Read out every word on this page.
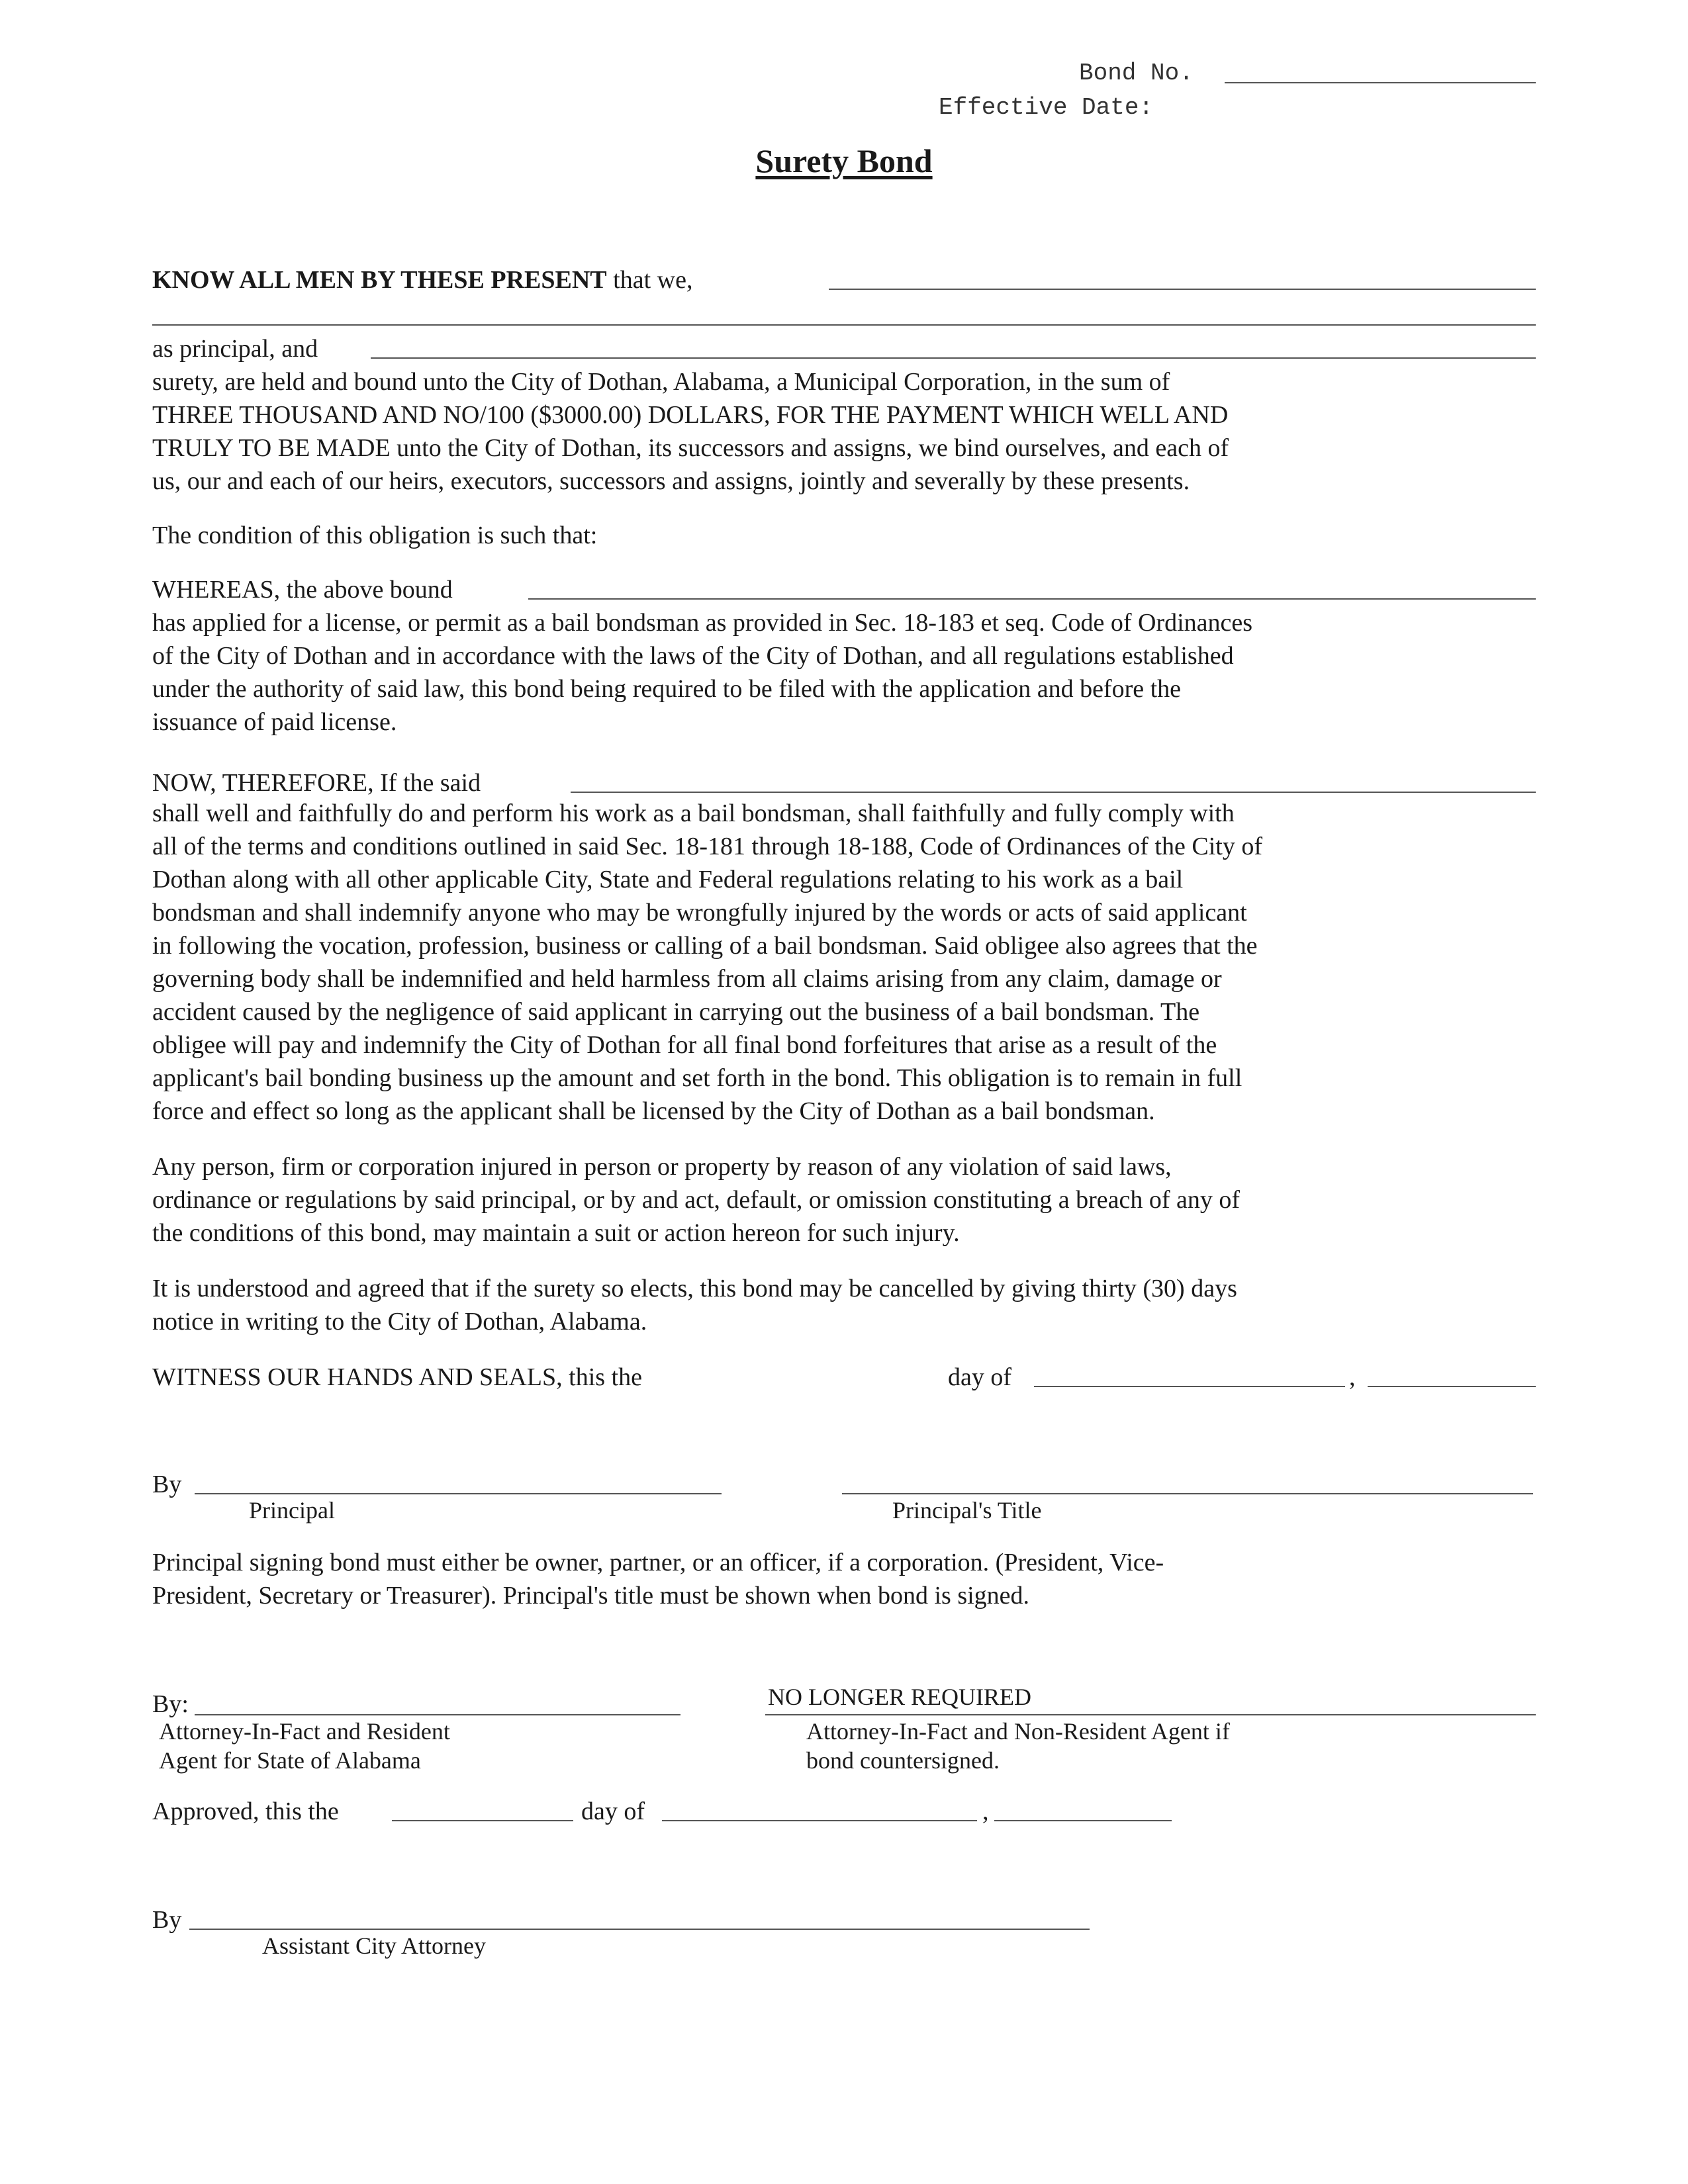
Bond No.
Effective Date:
Surety Bond
KNOW ALL MEN BY THESE PRESENT that we,
as principal, and
surety, are held and bound unto the City of Dothan, Alabama, a Municipal Corporation, in the sum of
THREE THOUSAND AND NO/100 ($3000.00) DOLLARS, FOR THE PAYMENT WHICH WELL AND
TRULY TO BE MADE unto the City of Dothan, its successors and assigns, we bind ourselves, and each of
us, our and each of our heirs, executors, successors and assigns, jointly and severally by these presents.
The condition of this obligation is such that:
WHEREAS, the above bound
has applied for a license, or permit as a bail bondsman as provided in Sec. 18-183 et seq. Code of Ordinances
of the City of Dothan and in accordance with the laws of the City of Dothan, and all regulations established
under the authority of said law, this bond being required to be filed with the application and before the
issuance of paid license.
NOW, THEREFORE, If the said
shall well and faithfully do and perform his work as a bail bondsman, shall faithfully and fully comply with
all of the terms and conditions outlined in said Sec. 18-181 through 18-188, Code of Ordinances of the City of
Dothan along with all other applicable City, State and Federal regulations relating to his work as a bail
bondsman and shall indemnify anyone who may be wrongfully injured by the words or acts of said applicant
in following the vocation, profession, business or calling of a bail bondsman. Said obligee also agrees that the
governing body shall be indemnified and held harmless from all claims arising from any claim, damage or
accident caused by the negligence of said applicant in carrying out the business of a bail bondsman. The
obligee will pay and indemnify the City of Dothan for all final bond forfeitures that arise as a result of the
applicant's bail bonding business up the amount and set forth in the bond. This obligation is to remain in full
force and effect so long as the applicant shall be licensed by the City of Dothan as a bail bondsman.
Any person, firm or corporation injured in person or property by reason of any violation of said laws,
ordinance or regulations by said principal, or by and act, default, or omission constituting a breach of any of
the conditions of this bond, may maintain a suit or action hereon for such injury.
It is understood and agreed that if the surety so elects, this bond may be cancelled by giving thirty (30) days
notice in writing to the City of Dothan, Alabama.
WITNESS OUR HANDS AND SEALS, this the	day of	,
By
Principal	Principal's Title
Principal signing bond must either be owner, partner, or an officer, if a corporation. (President, Vice-
President, Secretary or Treasurer). Principal's title must be shown when bond is signed.
By:
Attorney-In-Fact and Resident
Agent for State of Alabama
NO LONGER REQUIRED
Attorney-In-Fact and Non-Resident Agent if
bond countersigned.
Approved, this the	day of	,
By
Assistant City Attorney
